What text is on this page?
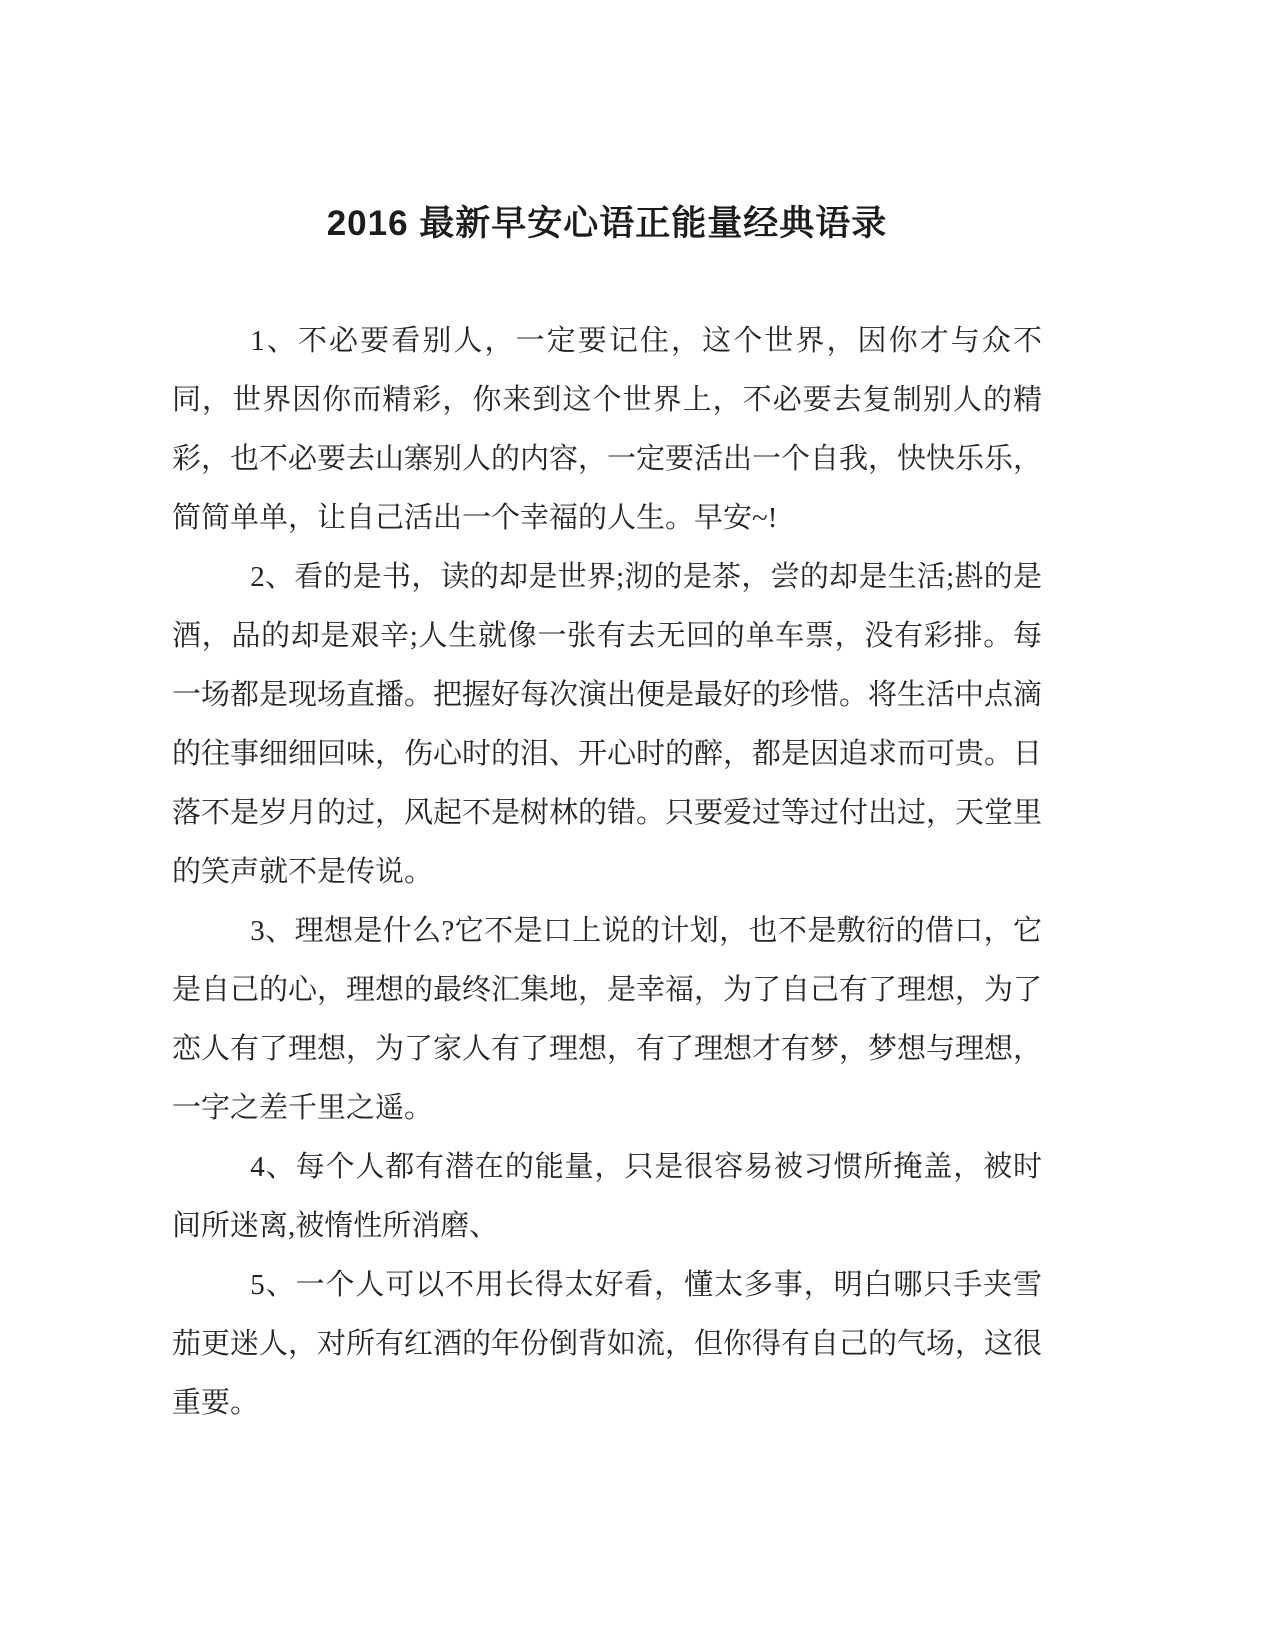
2016 最新早安心语正能量经典语录

1、不必要看别人，一定要记住，这个世界，因你才与众不同，世界因你而精彩，你来到这个世界上，不必要去复制别人的精彩，也不必要去山寨别人的内容，一定要活出一个自我，快快乐乐，简简单单，让自己活出一个幸福的人生。早安~!

2、看的是书，读的却是世界;沏的是茶，尝的却是生活;斟的是酒，品的却是艰辛;人生就像一张有去无回的单车票，没有彩排。每一场都是现场直播。把握好每次演出便是最好的珍惜。将生活中点滴的往事细细回味，伤心时的泪、开心时的醉，都是因追求而可贵。日落不是岁月的过，风起不是树林的错。只要爱过等过付出过，天堂里的笑声就不是传说。

3、理想是什么?它不是口上说的计划，也不是敷衍的借口，它是自己的心，理想的最终汇集地，是幸福，为了自己有了理想，为了恋人有了理想，为了家人有了理想，有了理想才有梦，梦想与理想，一字之差千里之遥。

4、每个人都有潜在的能量，只是很容易被习惯所掩盖，被时间所迷离,被惰性所消磨、

5、一个人可以不用长得太好看，懂太多事，明白哪只手夹雪茄更迷人，对所有红酒的年份倒背如流，但你得有自己的气场，这很重要。
